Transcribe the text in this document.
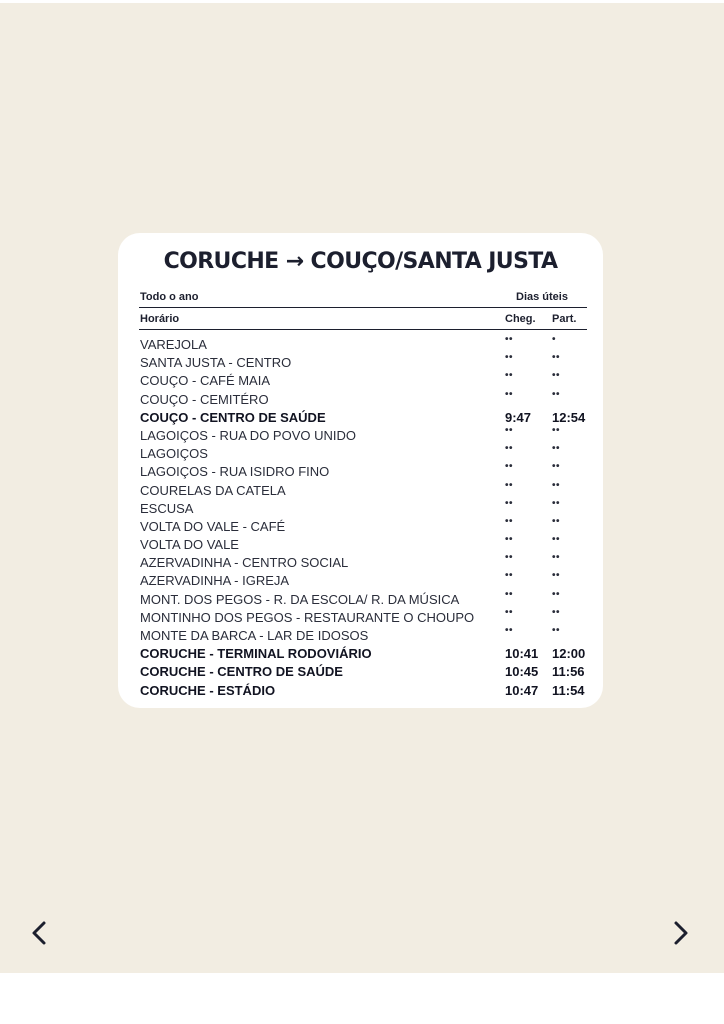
CORUCHE → COUÇO/SANTA JUSTA
Todo o ano	Dias úteis
Horário	Cheg. Part.
VAREJOLA	••	•
SANTA JUSTA - CENTRO	••	••
COUÇO - CAFÉ MAIA	••	••
COUÇO - CEMITÉRO	••	••
COUÇO - CENTRO DE SAÚDE	9:47 12:54
LAGOIÇOS - RUA DO POVO UNIDO	••	••
LAGOIÇOS	••	••
LAGOIÇOS - RUA ISIDRO FINO	••	••
COURELAS DA CATELA	••	••
ESCUSA	••	••
VOLTA DO VALE - CAFÉ	••	••
VOLTA DO VALE	••	••
AZERVADINHA - CENTRO SOCIAL	••	••
AZERVADINHA - IGREJA	••	••
MONT. DOS PEGOS - R. DA ESCOLA/ R. DA MÚSICA	••	••
MONTINHO DOS PEGOS - RESTAURANTE O CHOUPO	••	••
MONTE DA BARCA - LAR DE IDOSOS	••	••
CORUCHE - TERMINAL RODOVIÁRIO	10:41 12:00
CORUCHE - CENTRO DE SAÚDE	10:45 11:56
CORUCHE - ESTÁDIO	10:47 11:54
